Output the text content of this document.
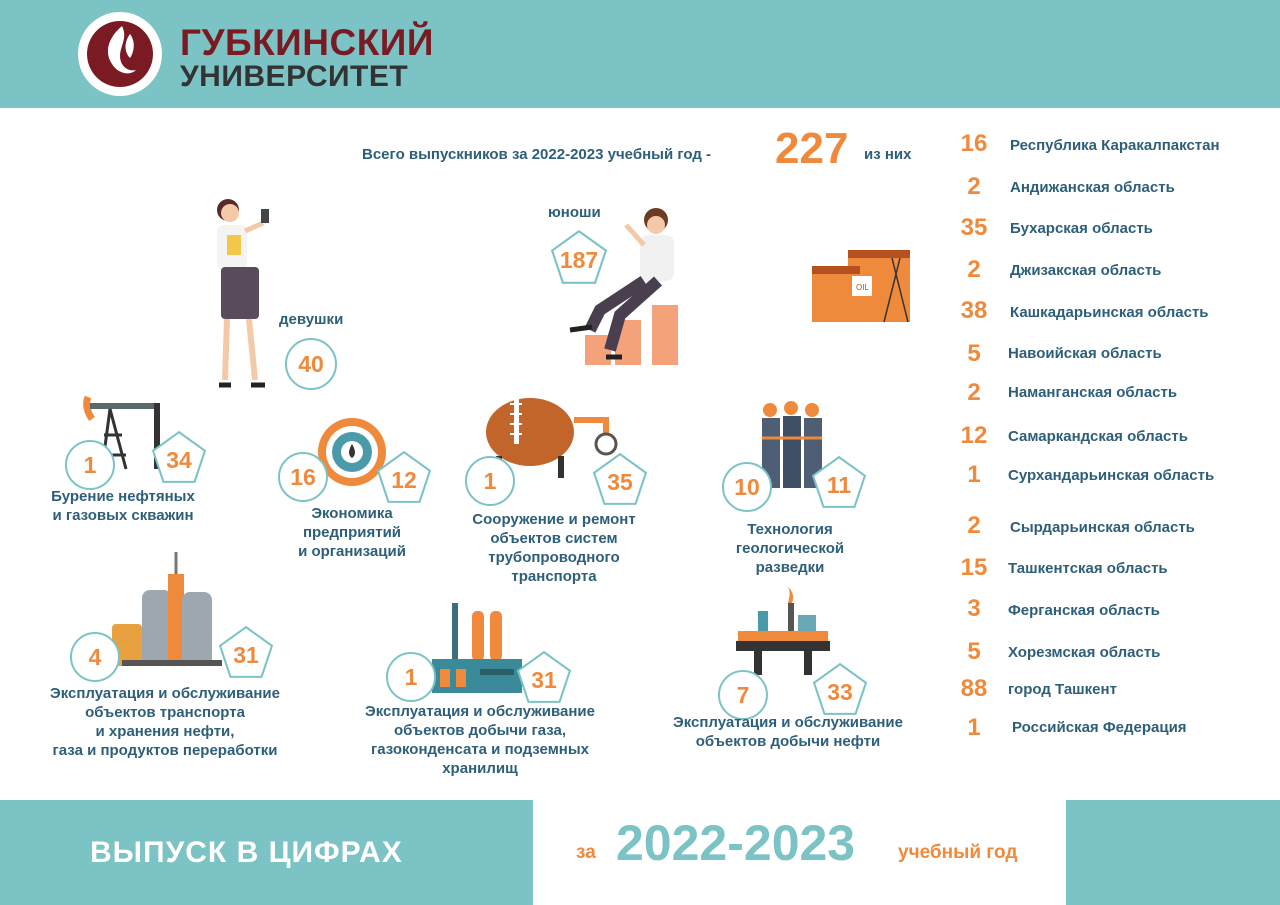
ГУБКИНСКИЙ
УНИВЕРСИТЕТ
Всего выпускников за 2022-2023 учебный год - 227 из них
девушки
40
юноши
187
OIL
1	34
Бурение нефтяных
и газовых скважин
16	12
Экономика
предприятий
и организаций
1	35
Сооружение и ремонт
объектов систем
трубопроводного
транспорта
10	11
Технология
геологической
разведки
4	31
Эксплуатация и обслуживание
объектов транспорта
и хранения нефти,
газа и продуктов переработки
1	31
Эксплуатация и обслуживание
объектов добычи газа,
газоконденсата и подземных
хранилищ
7	33
Эксплуатация и обслуживание
объектов добычи нефти
16	Республика Каракалпакстан
2	Андижанская область
35	Бухарская область
2	Джизакская область
38	Кашкадарьинская область
5	Навоийская область
2	Наманганская область
12	Самаркандская область
1	Сурхандарьинская область
2	Сырдарьинская область
15	Ташкентская область
3	Ферганская область
5	Хорезмская область
88	город Ташкент
1	Российская Федерация
ВЫПУСК В ЦИФРАХ	за 2022-2023 учебный год
